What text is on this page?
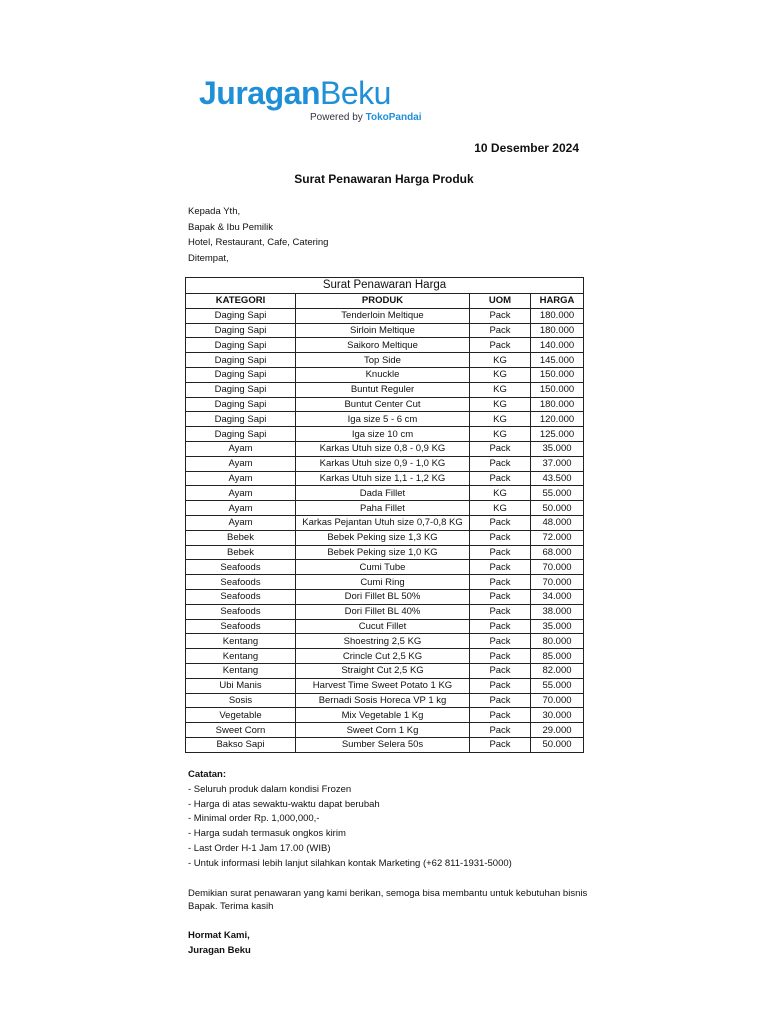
JuraganBeku
Powered by TokoPandai
10 Desember 2024
Surat Penawaran Harga Produk
Kepada Yth,
Bapak & Ibu Pemilik
Hotel, Restaurant, Cafe, Catering
Ditempat,
Surat Penawaran Harga			
KATEGORI	PRODUK	UOM	HARGA
Daging Sapi	Tenderloin Meltique	Pack	180.000
Daging Sapi	Sirloin Meltique	Pack	180.000
Daging Sapi	Saikoro Meltique	Pack	140.000
Daging Sapi	Top Side	KG	145.000
Daging Sapi	Knuckle	KG	150.000
Daging Sapi	Buntut Reguler	KG	150.000
Daging Sapi	Buntut Center Cut	KG	180.000
Daging Sapi	Iga size 5 - 6 cm	KG	120.000
Daging Sapi	Iga size 10 cm	KG	125.000
Ayam	Karkas Utuh size 0,8 - 0,9 KG	Pack	35.000
Ayam	Karkas Utuh size 0,9 - 1,0 KG	Pack	37.000
Ayam	Karkas Utuh size 1,1 - 1,2 KG	Pack	43.500
Ayam	Dada Fillet	KG	55.000
Ayam	Paha Fillet	KG	50.000
Ayam	Karkas Pejantan Utuh size 0,7-0,8 KG	Pack	48.000
Bebek	Bebek Peking size 1,3 KG	Pack	72.000
Bebek	Bebek Peking size 1,0 KG	Pack	68.000
Seafoods	Cumi Tube	Pack	70.000
Seafoods	Cumi Ring	Pack	70.000
Seafoods	Dori Fillet BL 50%	Pack	34.000
Seafoods	Dori Fillet BL 40%	Pack	38.000
Seafoods	Cucut Fillet	Pack	35.000
Kentang	Shoestring 2,5 KG	Pack	80.000
Kentang	Crincle Cut 2,5 KG	Pack	85.000
Kentang	Straight Cut 2,5 KG	Pack	82.000
Ubi Manis	Harvest Time Sweet Potato 1 KG	Pack	55.000
Sosis	Bernadi Sosis Horeca VP 1 kg	Pack	70.000
Vegetable	Mix Vegetable 1 Kg	Pack	30.000
Sweet Corn	Sweet Corn 1 Kg	Pack	29.000
Bakso Sapi	Sumber Selera 50s	Pack	50.000
Catatan:
- Seluruh produk dalam kondisi Frozen
- Harga di atas sewaktu-waktu dapat berubah
- Minimal order Rp. 1,000,000,-
- Harga sudah termasuk ongkos kirim
- Last Order H-1 Jam 17.00 (WIB)
- Untuk informasi lebih lanjut silahkan kontak Marketing (+62 811-1931-5000)
Demikian surat penawaran yang kami berikan, semoga bisa membantu untuk kebutuhan bisnis Bapak. Terima kasih
Hormat Kami,
Juragan Beku
